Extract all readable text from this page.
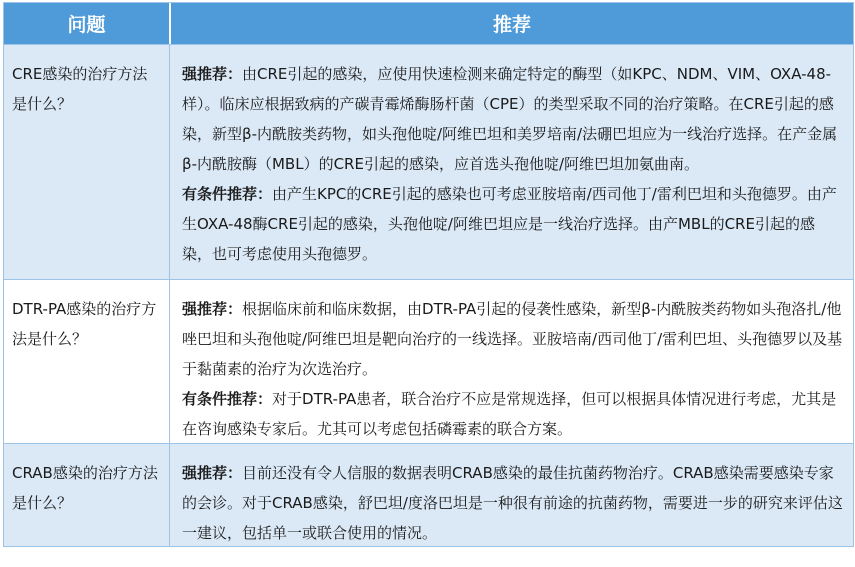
问题	推荐
CRE感染的治疗方法是什么？

强推荐：由CRE引起的感染，应使用快速检测来确定特定的酶型（如KPC、NDM、VIM、OXA-48-样）。临床应根据致病的产碳青霉烯酶肠杆菌（CPE）的类型采取不同的治疗策略。在CRE引起的感染，新型β-内酰胺类药物，如头孢他啶/阿维巴坦和美罗培南/法硼巴坦应为一线治疗选择。在产金属β-内酰胺酶（MBL）的CRE引起的感染，应首选头孢他啶/阿维巴坦加氨曲南。

有条件推荐：由产生KPC的CRE引起的感染也可考虑亚胺培南/西司他丁/雷利巴坦和头孢德罗。由产生OXA-48酶CRE引起的感染，头孢他啶/阿维巴坦应是一线治疗选择。由产MBL的CRE引起的感染，也可考虑使用头孢德罗。

DTR-PA感染的治疗方法是什么？

强推荐：根据临床前和临床数据，由DTR-PA引起的侵袭性感染，新型β-内酰胺类药物如头孢洛扎/他唑巴坦和头孢他啶/阿维巴坦是靶向治疗的一线选择。亚胺培南/西司他丁/雷利巴坦、头孢德罗以及基于黏菌素的治疗为次选治疗。

有条件推荐：对于DTR-PA患者，联合治疗不应是常规选择，但可以根据具体情况进行考虑，尤其是在咨询感染专家后。尤其可以考虑包括磷霉素的联合方案。

CRAB感染的治疗方法是什么？

强推荐：目前还没有令人信服的数据表明CRAB感染的最佳抗菌药物治疗。CRAB感染需要感染专家的会诊。对于CRAB感染，舒巴坦/度洛巴坦是一种很有前途的抗菌药物，需要进一步的研究来评估这一建议，包括单一或联合使用的情况。
